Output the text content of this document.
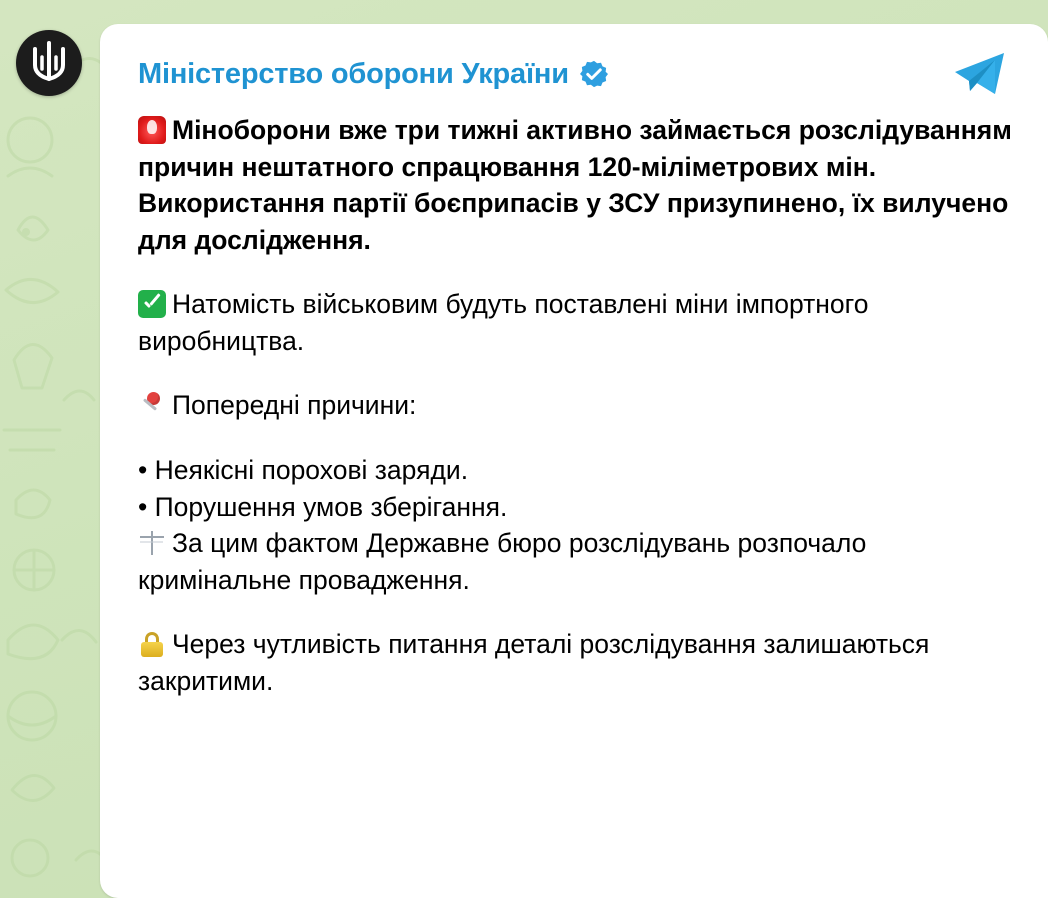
Міністерство оборони України

Міноборони вже три тижні активно займається розслідуванням причин нештатного спрацювання 120-міліметрових мін. Використання партії боєприпасів у ЗСУ призупинено, їх вилучено для дослідження.

Натомість військовим будуть поставлені міни імпортного виробництва.

Попередні причини:

• Неякісні порохові заряди.

• Порушення умов зберігання.

За цим фактом Державне бюро розслідувань розпочало кримінальне провадження.

Через чутливість питання деталі розслідування залишаються закритими.
